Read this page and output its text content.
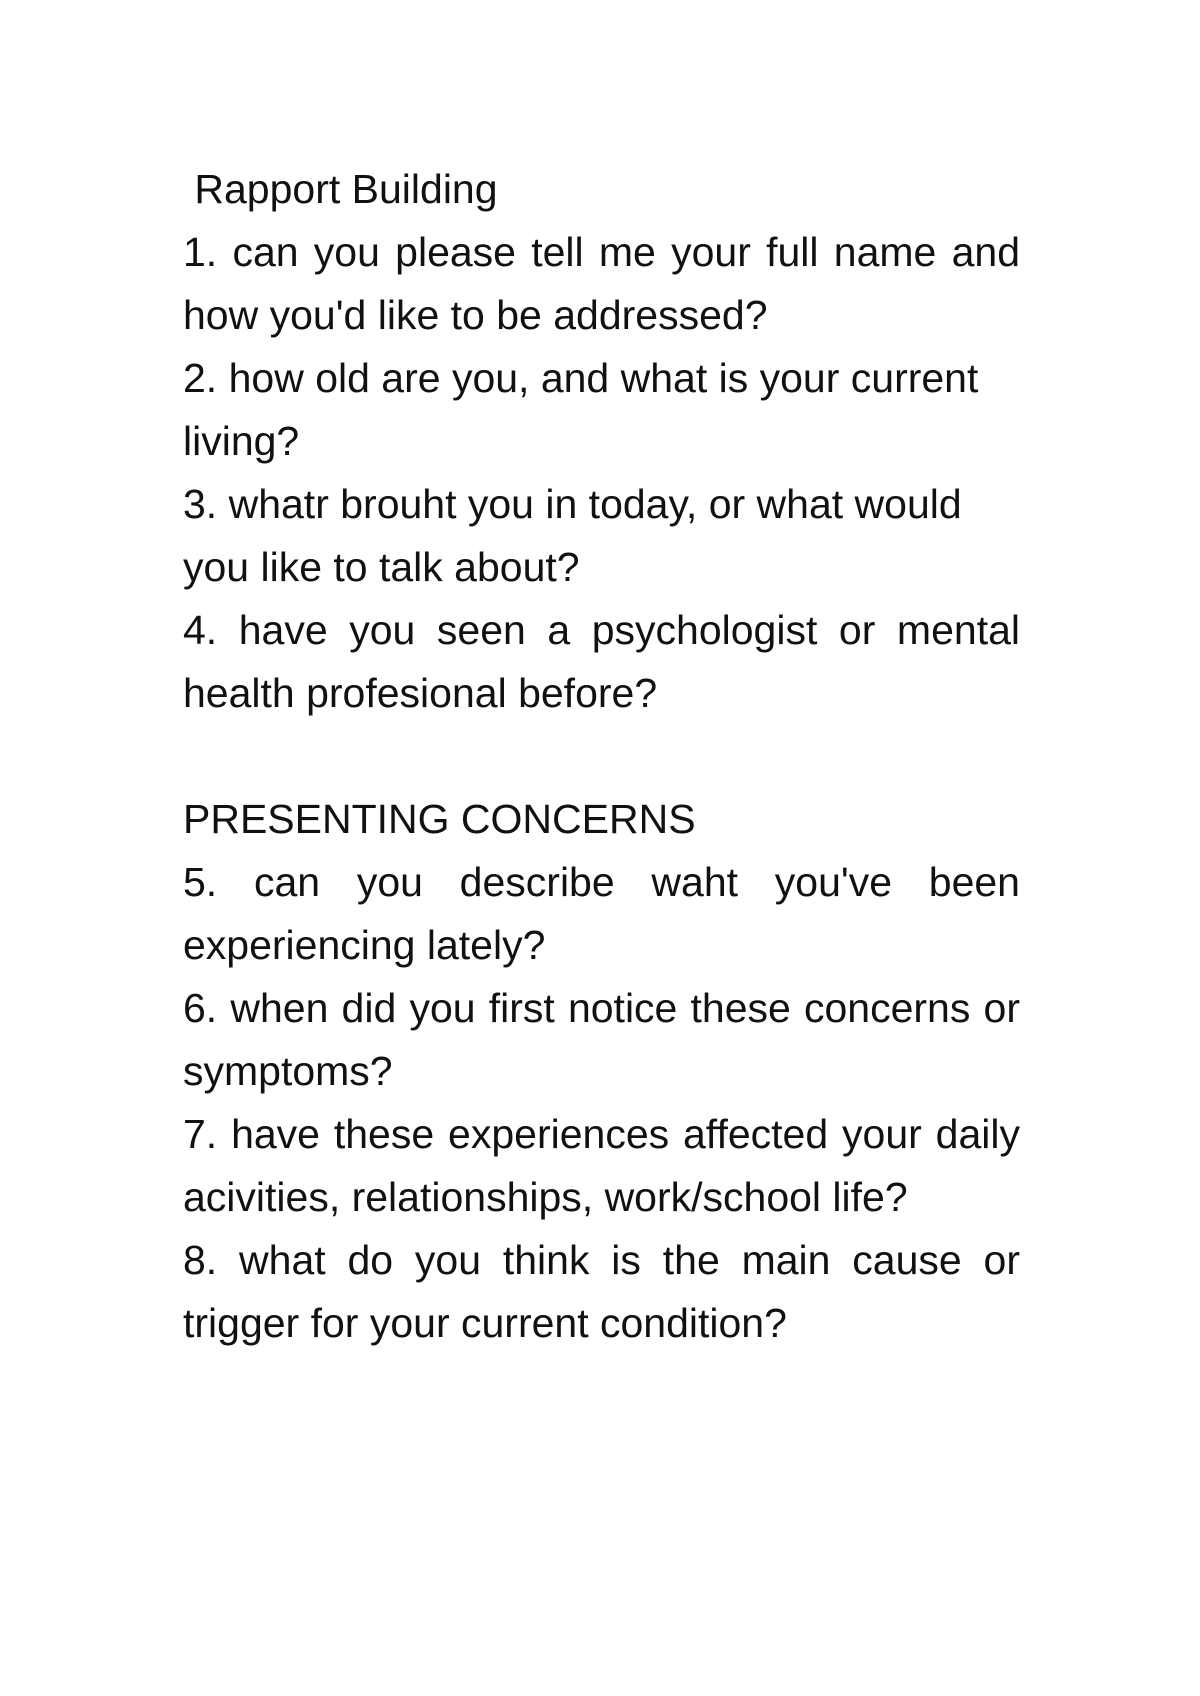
Rapport Building
1. can you please tell me your full name and how you'd like to be addressed?
2. how old are you, and what is your current
living?
3. whatr brouht you in today, or what would
you like to talk about?
4. have you seen a psychologist or mental health profesional before?
PRESENTING CONCERNS
5. can you describe waht you've been experiencing lately?
6. when did you first notice these concerns or symptoms?
7. have these experiences affected your daily acivities, relationships, work/school life?
8. what do you think is the main cause or trigger for your current condition?
